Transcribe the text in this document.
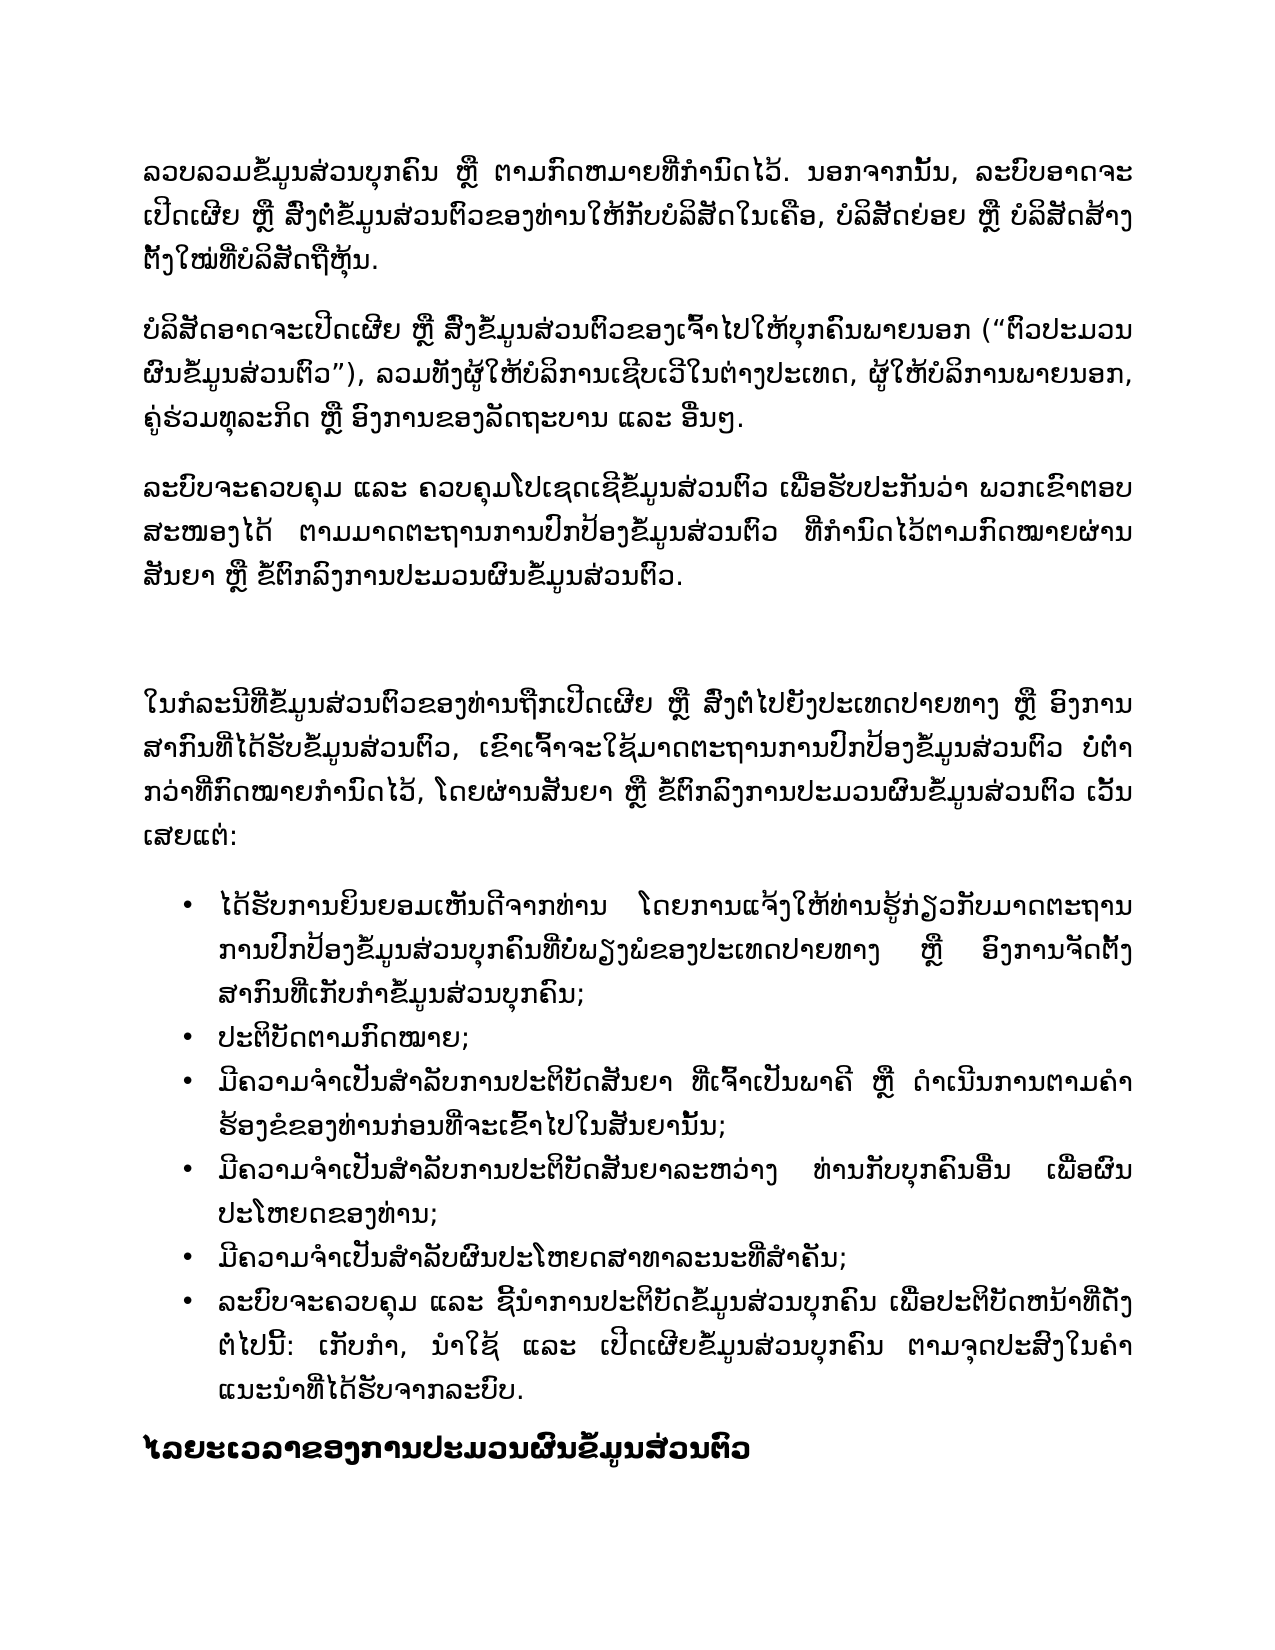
ລວບລວມຂໍ້ມູນສ່ວນບຸກຄົນ ຫຼື ຕາມກົດຫມາຍທີ່ກຳນົດໄວ້. ນອກຈາກນັ້ນ, ລະບົບອາດຈະເປີດເຜີຍ ຫຼື ສົ່ງຕໍ່ຂໍ້ມູນສ່ວນຕົວຂອງທ່ານໃຫ້ກັບບໍລິສັດໃນເຄືອ, ບໍລິສັດຍ່ອຍ ຫຼື ບໍລິສັດສ້າງຕັ້ງໃໝ່ທີ່ບໍລິສັດຖືຫຸ້ນ.

ບໍລິສັດອາດຈະເປີດເຜີຍ ຫຼື ສົ່ງຂໍ້ມູນສ່ວນຕົວຂອງເຈົ້າໄປໃຫ້ບຸກຄົນພາຍນອກ (“ຕົວປະມວນຜົນຂໍ້ມູນສ່ວນຕົວ”), ລວມທັງຜູ້ໃຫ້ບໍລິການເຊີບເວີໃນຕ່າງປະເທດ, ຜູ້ໃຫ້ບໍລິການພາຍນອກ, ຄູ່ຮ່ວມທຸລະກິດ ຫຼື ອົງການຂອງລັດຖະບານ ແລະ ອື່ນໆ.

ລະບົບຈະຄວບຄຸມ ແລະ ຄວບຄຸມໂປເຊດເຊີຂໍ້ມູນສ່ວນຕົວ ເພື່ອຮັບປະກັນວ່າ ພວກເຂົາຕອບສະໜອງໄດ້ ຕາມມາດຕະຖານການປົກປ້ອງຂໍ້ມູນສ່ວນຕົວ ທີ່ກຳນົດໄວ້ຕາມກົດໝາຍຜ່ານສັນຍາ ຫຼື ຂໍ້ຕົກລົງການປະມວນຜົນຂໍ້ມູນສ່ວນຕົວ.

ໃນກໍລະນີທີ່ຂໍ້ມູນສ່ວນຕົວຂອງທ່ານຖືກເປີດເຜີຍ ຫຼື ສົ່ງຕໍ່ໄປຍັງປະເທດປາຍທາງ ຫຼື ອົງການສາກົນທີ່ໄດ້ຮັບຂໍ້ມູນສ່ວນຕົວ, ເຂົາເຈົ້າຈະໃຊ້ມາດຕະຖານການປົກປ້ອງຂໍ້ມູນສ່ວນຕົວ ບໍ່ຕໍ່າກວ່າທີ່ກົດໝາຍກຳນົດໄວ້, ໂດຍຜ່ານສັນຍາ ຫຼື ຂໍ້ຕົກລົງການປະມວນຜົນຂໍ້ມູນສ່ວນຕົວ ເວັ້ນເສຍແຕ່:

• ໄດ້ຮັບການຍິນຍອມເຫັນດີຈາກທ່ານ ໂດຍການແຈ້ງໃຫ້ທ່ານຮູ້ກ່ຽວກັບມາດຕະຖານການປົກປ້ອງຂໍ້ມູນສ່ວນບຸກຄົນທີ່ບໍ່ພຽງພໍຂອງປະເທດປາຍທາງ ຫຼື ອົງການຈັດຕັ້ງສາກົນທີ່ເກັບກຳຂໍ້ມູນສ່ວນບຸກຄົນ;
• ປະຕິບັດຕາມກົດໝາຍ;
• ມີຄວາມຈຳເປັນສຳລັບການປະຕິບັດສັນຍາ ທີ່ເຈົ້າເປັນພາຄີ ຫຼື ດຳເນີນການຕາມຄຳຮ້ອງຂໍຂອງທ່ານກ່ອນທີ່ຈະເຂົ້າໄປໃນສັນຍານັ້ນ;
• ມີຄວາມຈຳເປັນສຳລັບການປະຕິບັດສັນຍາລະຫວ່າງ ທ່ານກັບບຸກຄົນອື່ນ ເພື່ອຜົນປະໂຫຍດຂອງທ່ານ;
• ມີຄວາມຈຳເປັນສຳລັບຜົນປະໂຫຍດສາທາລະນະທີ່ສຳຄັນ;
• ລະບົບຈະຄວບຄຸມ ແລະ ຊີ້ນຳການປະຕິບັດຂໍ້ມູນສ່ວນບຸກຄົນ ເພື່ອປະຕິບັດຫນ້າທີ່ດັ່ງຕໍ່ໄປນີ້: ເກັບກຳ, ນຳໃຊ້ ແລະ ເປີດເຜີຍຂໍ້ມູນສ່ວນບຸກຄົນ ຕາມຈຸດປະສົງໃນຄຳແນະນຳທີ່ໄດ້ຮັບຈາກລະບົບ.
ໄລຍະເວລາຂອງການປະມວນຜົນຂໍ້ມູນສ່ວນຕົວ
